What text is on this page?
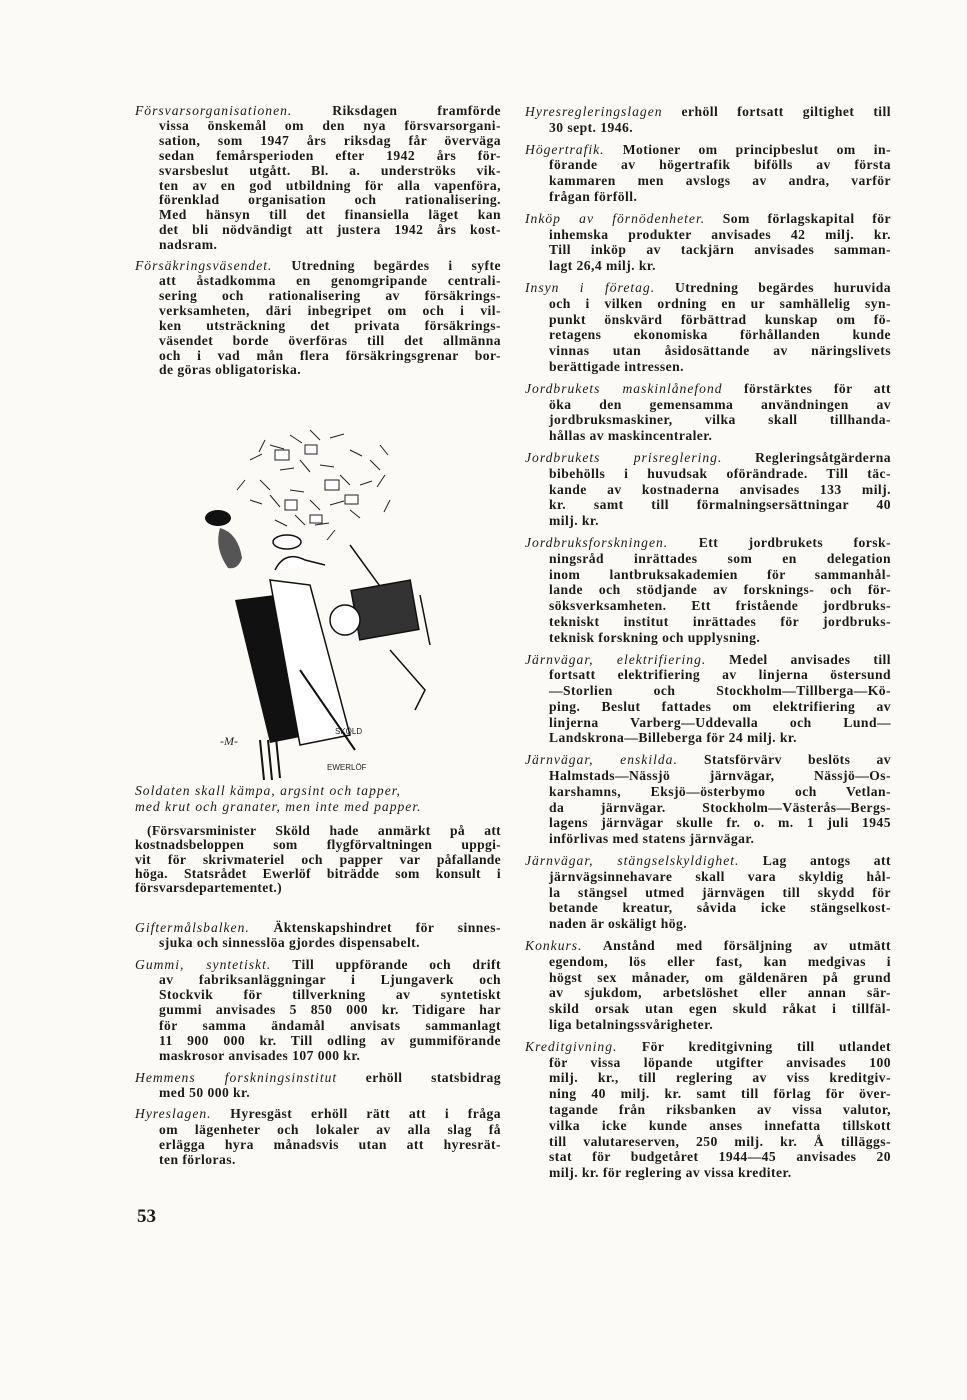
Försvarsorganisationen. Riksdagen framförde
vissa önskemål om den nya försvarsorgani-
sation, som 1947 års riksdag får överväga
sedan femårsperioden efter 1942 års för-
svarsbeslut utgått. Bl. a. underströks vik-
ten av en god utbildning för alla vapenföra,
förenklad organisation och rationalisering.
Med hänsyn till det finansiella läget kan
det bli nödvändigt att justera 1942 års kost-
nadsram.
Försäkringsväsendet. Utredning begärdes i syfte
att åstadkomma en genomgripande centrali-
sering och rationalisering av försäkrings-
verksamheten, däri inbegripet om och i vil-
ken utsträckning det privata försäkrings-
väsendet borde överföras till det allmänna
och i vad mån flera försäkringsgrenar bor-
de göras obligatoriska.
-M-
SKÖLD
EWERLÖF
Soldaten skall kämpa, argsint och tapper,
med krut och granater, men inte med papper.
(Försvarsminister Sköld hade anmärkt på att
kostnadsbeloppen som flygförvaltningen uppgi-
vit för skrivmateriel och papper var påfallande
höga. Statsrådet Ewerlöf biträdde som konsult i
försvarsdepartementet.)
Giftermålsbalken. Äktenskapshindret för sinnes-
sjuka och sinnesslöa gjordes dispensabelt.
Gummi, syntetiskt. Till uppförande och drift
av fabriksanläggningar i Ljungaverk och
Stockvik för tillverkning av syntetiskt
gummi anvisades 5 850 000 kr. Tidigare har
för samma ändamål anvisats sammanlagt
11 900 000 kr. Till odling av gummiförande
maskrosor anvisades 107 000 kr.
Hemmens forskningsinstitut erhöll statsbidrag
med 50 000 kr.
Hyreslagen. Hyresgäst erhöll rätt att i fråga
om lägenheter och lokaler av alla slag få
erlägga hyra månadsvis utan att hyresrät-
ten förloras.
Hyresregleringslagen erhöll fortsatt giltighet till
30 sept. 1946.
Högertrafik. Motioner om principbeslut om in-
förande av högertrafik bifölls av första
kammaren men avslogs av andra, varför
frågan förföll.
Inköp av förnödenheter. Som förlagskapital för
inhemska produkter anvisades 42 milj. kr.
Till inköp av tackjärn anvisades samman-
lagt 26,4 milj. kr.
Insyn i företag. Utredning begärdes huruvida
och i vilken ordning en ur samhällelig syn-
punkt önskvärd förbättrad kunskap om fö-
retagens ekonomiska förhållanden kunde
vinnas utan åsidosättande av näringslivets
berättigade intressen.
Jordbrukets maskinlånefond förstärktes för att
öka den gemensamma användningen av
jordbruksmaskiner, vilka skall tillhanda-
hållas av maskincentraler.
Jordbrukets prisreglering. Regleringsåtgärderna
bibehölls i huvudsak oförändrade. Till täc-
kande av kostnaderna anvisades 133 milj.
kr. samt till förmalningsersättningar 40
milj. kr.
Jordbruksforskningen. Ett jordbrukets forsk-
ningsråd inrättades som en delegation
inom lantbruksakademien för sammanhål-
lande och stödjande av forsknings- och för-
söksverksamheten. Ett fristående jordbruks-
tekniskt institut inrättades för jordbruks-
teknisk forskning och upplysning.
Järnvägar, elektrifiering. Medel anvisades till
fortsatt elektrifiering av linjerna östersund
—Storlien och Stockholm—Tillberga—Kö-
ping. Beslut fattades om elektrifiering av
linjerna Varberg—Uddevalla och Lund—
Landskrona—Billeberga för 24 milj. kr.
Järnvägar, enskilda. Statsförvärv beslöts av
Halmstads—Nässjö järnvägar, Nässjö—Os-
karshamns, Eksjö—österbymo och Vetlan-
da järnvägar. Stockholm—Västerås—Bergs-
lagens järnvägar skulle fr. o. m. 1 juli 1945
införlivas med statens järnvägar.
Järnvägar, stängselskyldighet. Lag antogs att
järnvägsinnehavare skall vara skyldig hål-
la stängsel utmed järnvägen till skydd för
betande kreatur, såvida icke stängselkost-
naden är oskäligt hög.
Konkurs. Anstånd med försäljning av utmätt
egendom, lös eller fast, kan medgivas i
högst sex månader, om gäldenären på grund
av sjukdom, arbetslöshet eller annan sär-
skild orsak utan egen skuld råkat i tillfäl-
liga betalningssvårigheter.
Kreditgivning. För kreditgivning till utlandet
för vissa löpande utgifter anvisades 100
milj. kr., till reglering av viss kreditgiv-
ning 40 milj. kr. samt till förlag för över-
tagande från riksbanken av vissa valutor,
vilka icke kunde anses innefatta tillskott
till valutareserven, 250 milj. kr. Å tilläggs-
stat för budgetåret 1944—45 anvisades 20
milj. kr. för reglering av vissa krediter.
53
